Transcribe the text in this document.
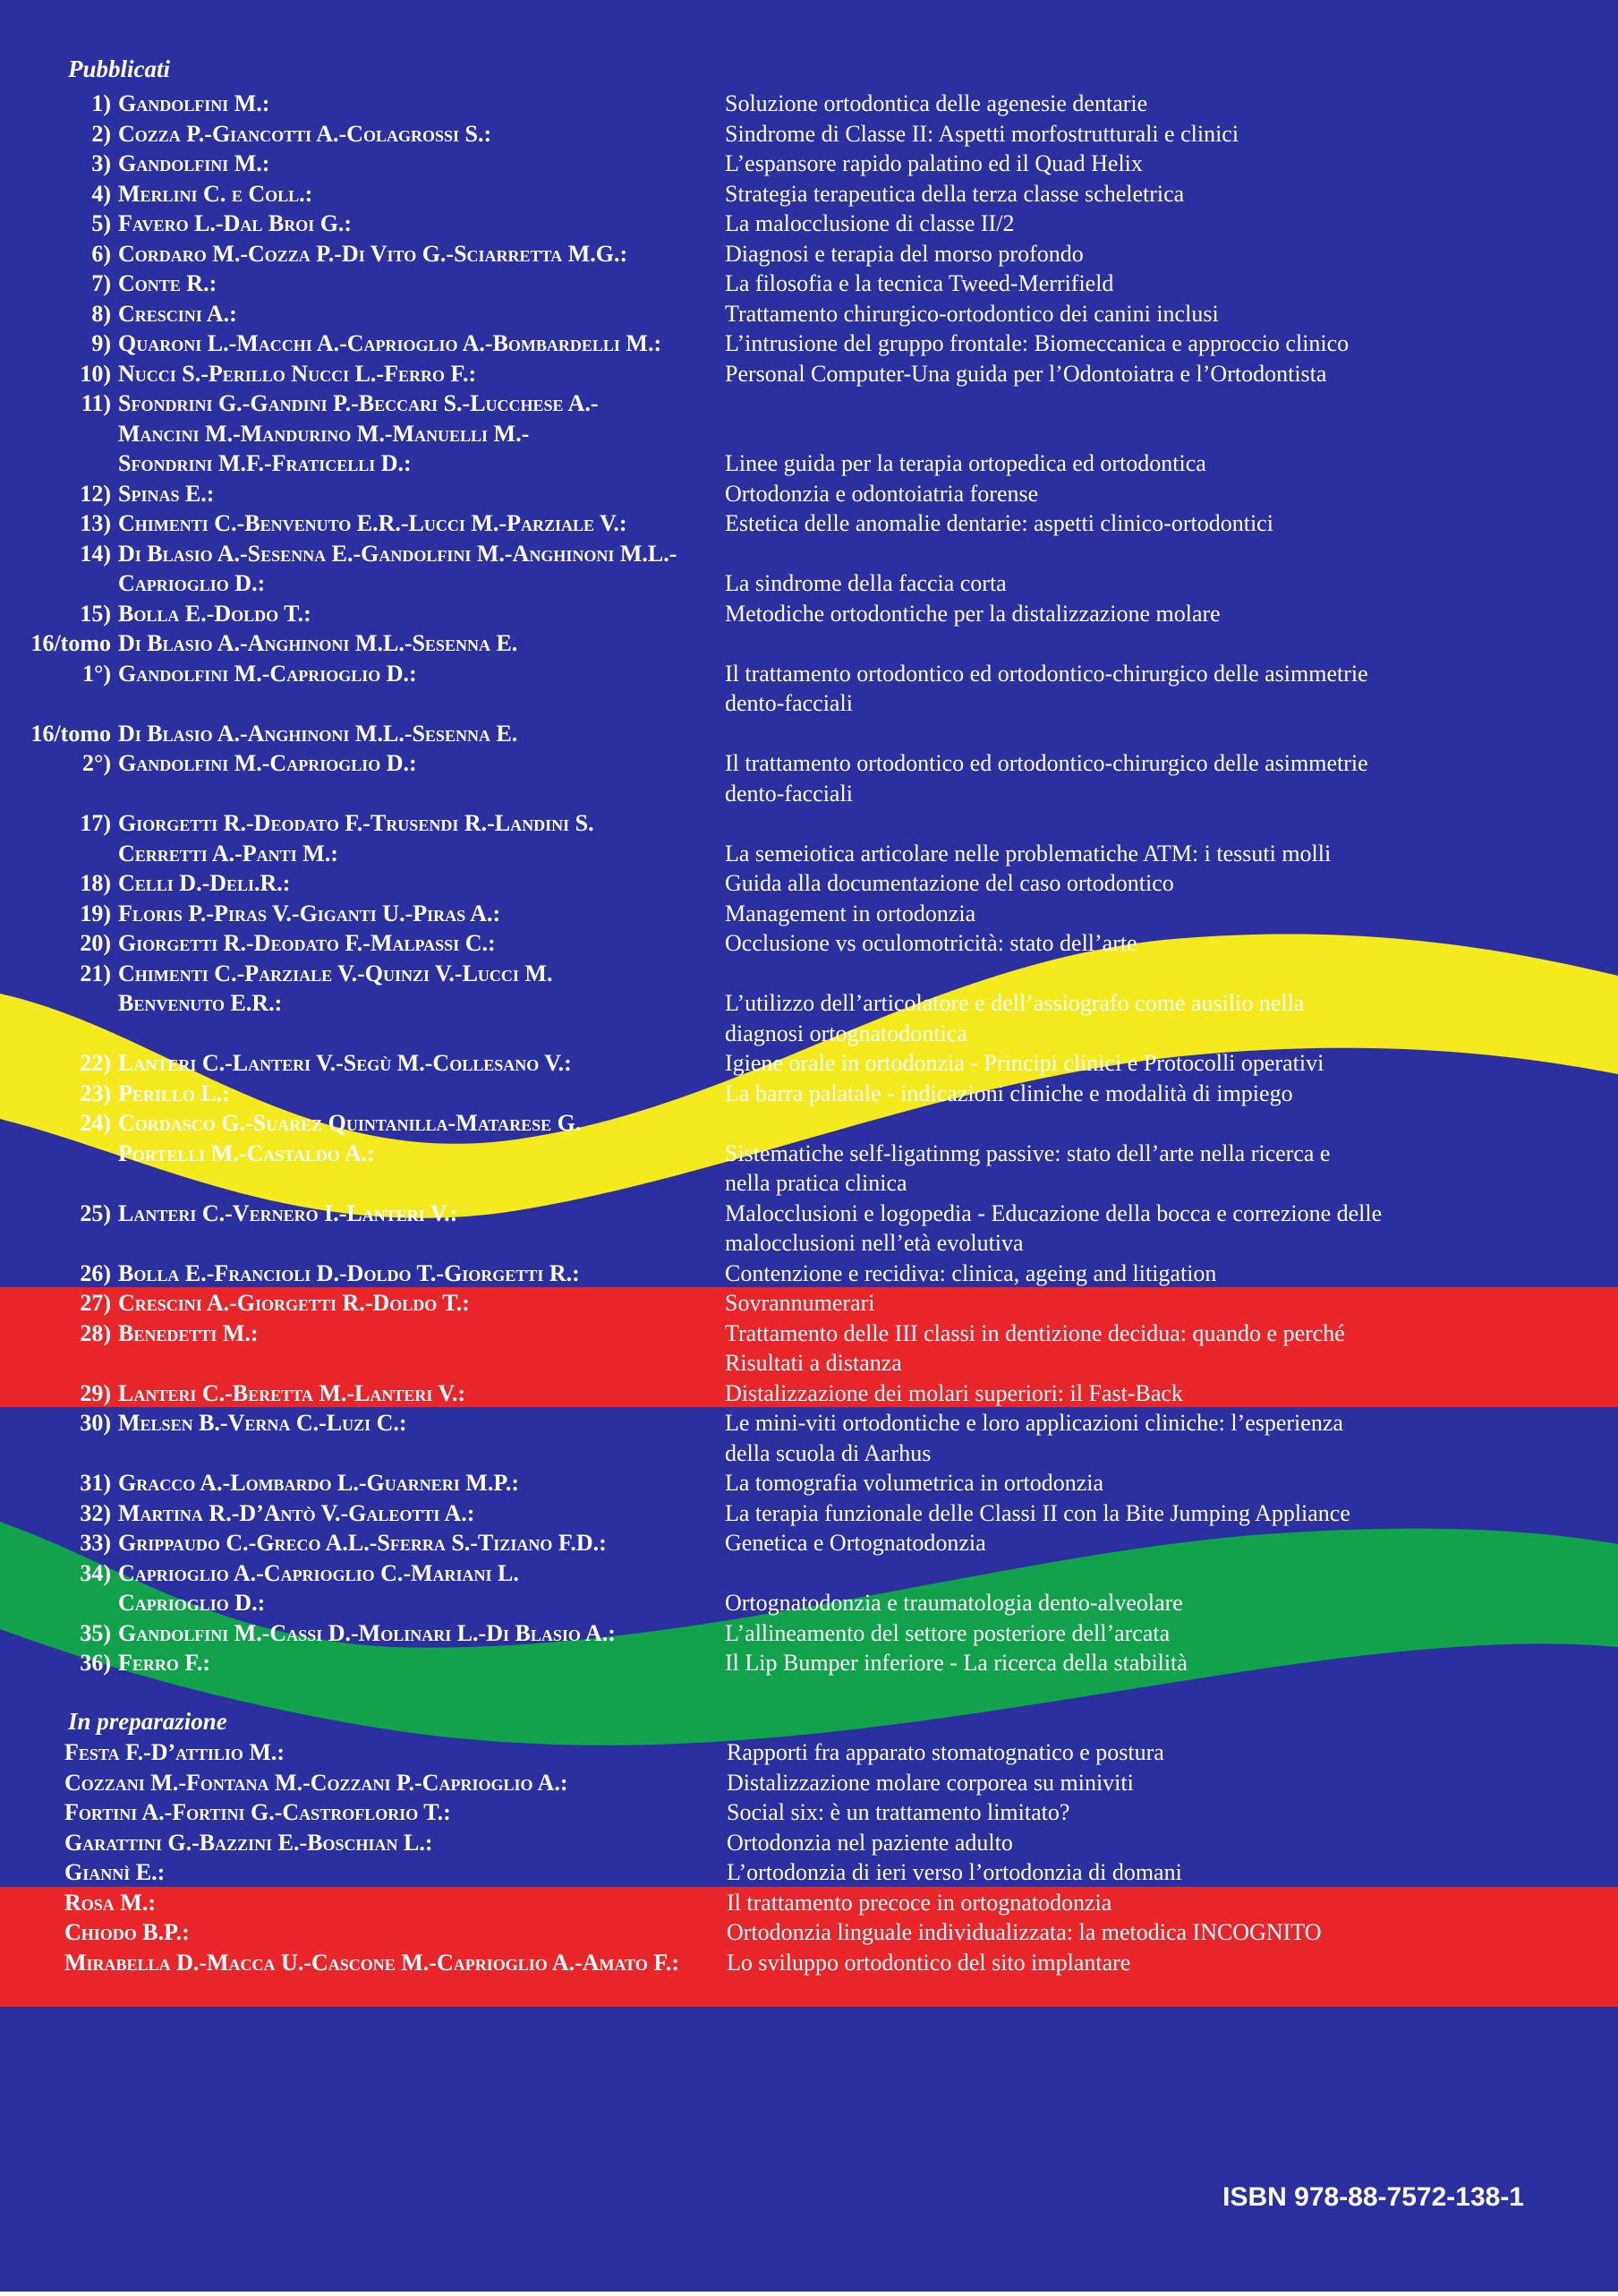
Pubblicati

1) Gandolfini M.:	Soluzione ortodontica delle agenesie dentarie
2) Cozza P.-Giancotti A.-Colagrossi S.:	Sindrome di Classe II: Aspetti morfostrutturali e clinici
3) Gandolfini M.:	L’espansore rapido palatino ed il Quad Helix
4) Merlini C. e Coll.:	Strategia terapeutica della terza classe scheletrica
5) Favero L.-Dal Broi G.:	La malocclusione di classe II/2
6) Cordaro M.-Cozza P.-Di Vito G.-Sciarretta M.G.:	Diagnosi e terapia del morso profondo
7) Conte R.:	La filosofia e la tecnica Tweed-Merrifield
8) Crescini A.:	Trattamento chirurgico-ortodontico dei canini inclusi
9) Quaroni L.-Macchi A.-Caprioglio A.-Bombardelli M.:	L’intrusione del gruppo frontale: Biomeccanica e approccio clinico
10) Nucci S.-Perillo Nucci L.-Ferro F.:	Personal Computer-Una guida per l’Odontoiatra e l’Ortodontista
11) Sfondrini G.-Gandini P.-Beccari S.-Lucchese A.-
Mancini M.-Mandurino M.-Manuelli M.-
Sfondrini M.F.-Fraticelli D.:

	Linee guida per la terapia ortopedica ed ortodontica
12) Spinas E.:	Ortodonzia e odontoiatria forense
13) Chimenti C.-Benvenuto E.R.-Lucci M.-Parziale V.:	Estetica delle anomalie dentarie: aspetti clinico-ortodontici
14) Di Blasio A.-Sesenna E.-Gandolfini M.-Anghinoni M.L.-
Caprioglio D.:
	La sindrome della faccia corta
15) Bolla E.-Doldo T.:	Metodiche ortodontiche per la distalizzazione molare
16/tomo 1°)
Di Blasio A.-Anghinoni M.L.-Sesenna E.
Gandolfini M.-Caprioglio D.:

	Il trattamento ortodontico ed ortodontico-chirurgico delle asimmetrie
dento-facciali
16/tomo 2°)
Di Blasio A.-Anghinoni M.L.-Sesenna E.
Gandolfini M.-Caprioglio D.:

	Il trattamento ortodontico ed ortodontico-chirurgico delle asimmetrie
dento-facciali
17) Giorgetti R.-Deodato F.-Trusendi R.-Landini S.
Cerretti A.-Panti M.:
	La semeiotica articolare nelle problematiche ATM: i tessuti molli
18) Celli D.-Deli.R.:	Guida alla documentazione del caso ortodontico
19) Floris P.-Piras V.-Giganti U.-Piras A.:	Management in ortodonzia
20) Giorgetti R.-Deodato F.-Malpassi C.:	Occlusione vs oculomotricità: stato dell’arte
21) Chimenti C.-Parziale V.-Quinzi V.-Lucci M.
Benvenuto E.R.:

	L’utilizzo dell’articolatore e dell’assiografo come ausilio nella
diagnosi ortognatodontica
22) Lanteri C.-Lanteri V.-Segù M.-Collesano V.:	Igiene orale in ortodonzia - Principi clinici e Protocolli operativi
23) Perillo L.:	La barra palatale - indicazioni cliniche e modalità di impiego
24) Cordasco G.-Suarez Quintanilla-Matarese G.
Portelli M.-Castaldo A.:

	Sistematiche self-ligatinmg passive: stato dell’arte nella ricerca e
nella pratica clinica
25) Lanteri C.-Vernero I.-Lanteri V.:
	Malocclusioni e logopedia - Educazione della bocca e correzione delle
malocclusioni nell’età evolutiva
26) Bolla E.-Francioli D.-Doldo T.-Giorgetti R.:	Contenzione e recidiva: clinica, ageing and litigation
27) Crescini A.-Giorgetti R.-Doldo T.:	Sovrannumerari
28) Benedetti M.:
	Trattamento delle III classi in dentizione decidua: quando e perché
Risultati a distanza
29) Lanteri C.-Beretta M.-Lanteri V.:	Distalizzazione dei molari superiori: il Fast-Back
30) Melsen B.-Verna C.-Luzi C.:
	Le mini-viti ortodontiche e loro applicazioni cliniche: l’esperienza
della scuola di Aarhus
31) Gracco A.-Lombardo L.-Guarneri M.P.:	La tomografia volumetrica in ortodonzia
32) Martina R.-D’Antò V.-Galeotti A.:	La terapia funzionale delle Classi II con la Bite Jumping Appliance
33) Grippaudo C.-Greco A.L.-Sferra S.-Tiziano F.D.:	Genetica e Ortognatodonzia
34) Caprioglio A.-Caprioglio C.-Mariani L.
Caprioglio D.:
	Ortognatodonzia e traumatologia dento-alveolare
35) Gandolfini M.-Cassi D.-Molinari L.-Di Blasio A.:	L’allineamento del settore posteriore dell’arcata
36) Ferro F.:	Il Lip Bumper inferiore - La ricerca della stabilità

In preparazione

Festa F.-D’attilio M.:	Rapporti fra apparato stomatognatico e postura
Cozzani M.-Fontana M.-Cozzani P.-Caprioglio A.:	Distalizzazione molare corporea su miniviti
Fortini A.-Fortini G.-Castroflorio T.:	Social six: è un trattamento limitato?
Garattini G.-Bazzini E.-Boschian L.:	Ortodonzia nel paziente adulto
Giannì E.:	L’ortodonzia di ieri verso l’ortodonzia di domani
Rosa M.:	Il trattamento precoce in ortognatodonzia
Chiodo B.P.:	Ortodonzia linguale individualizzata: la metodica INCOGNITO
Mirabella D.-Macca U.-Cascone M.-Caprioglio A.-Amato F.:	Lo sviluppo ortodontico del sito implantare

ISBN 978-88-7572-138-1
